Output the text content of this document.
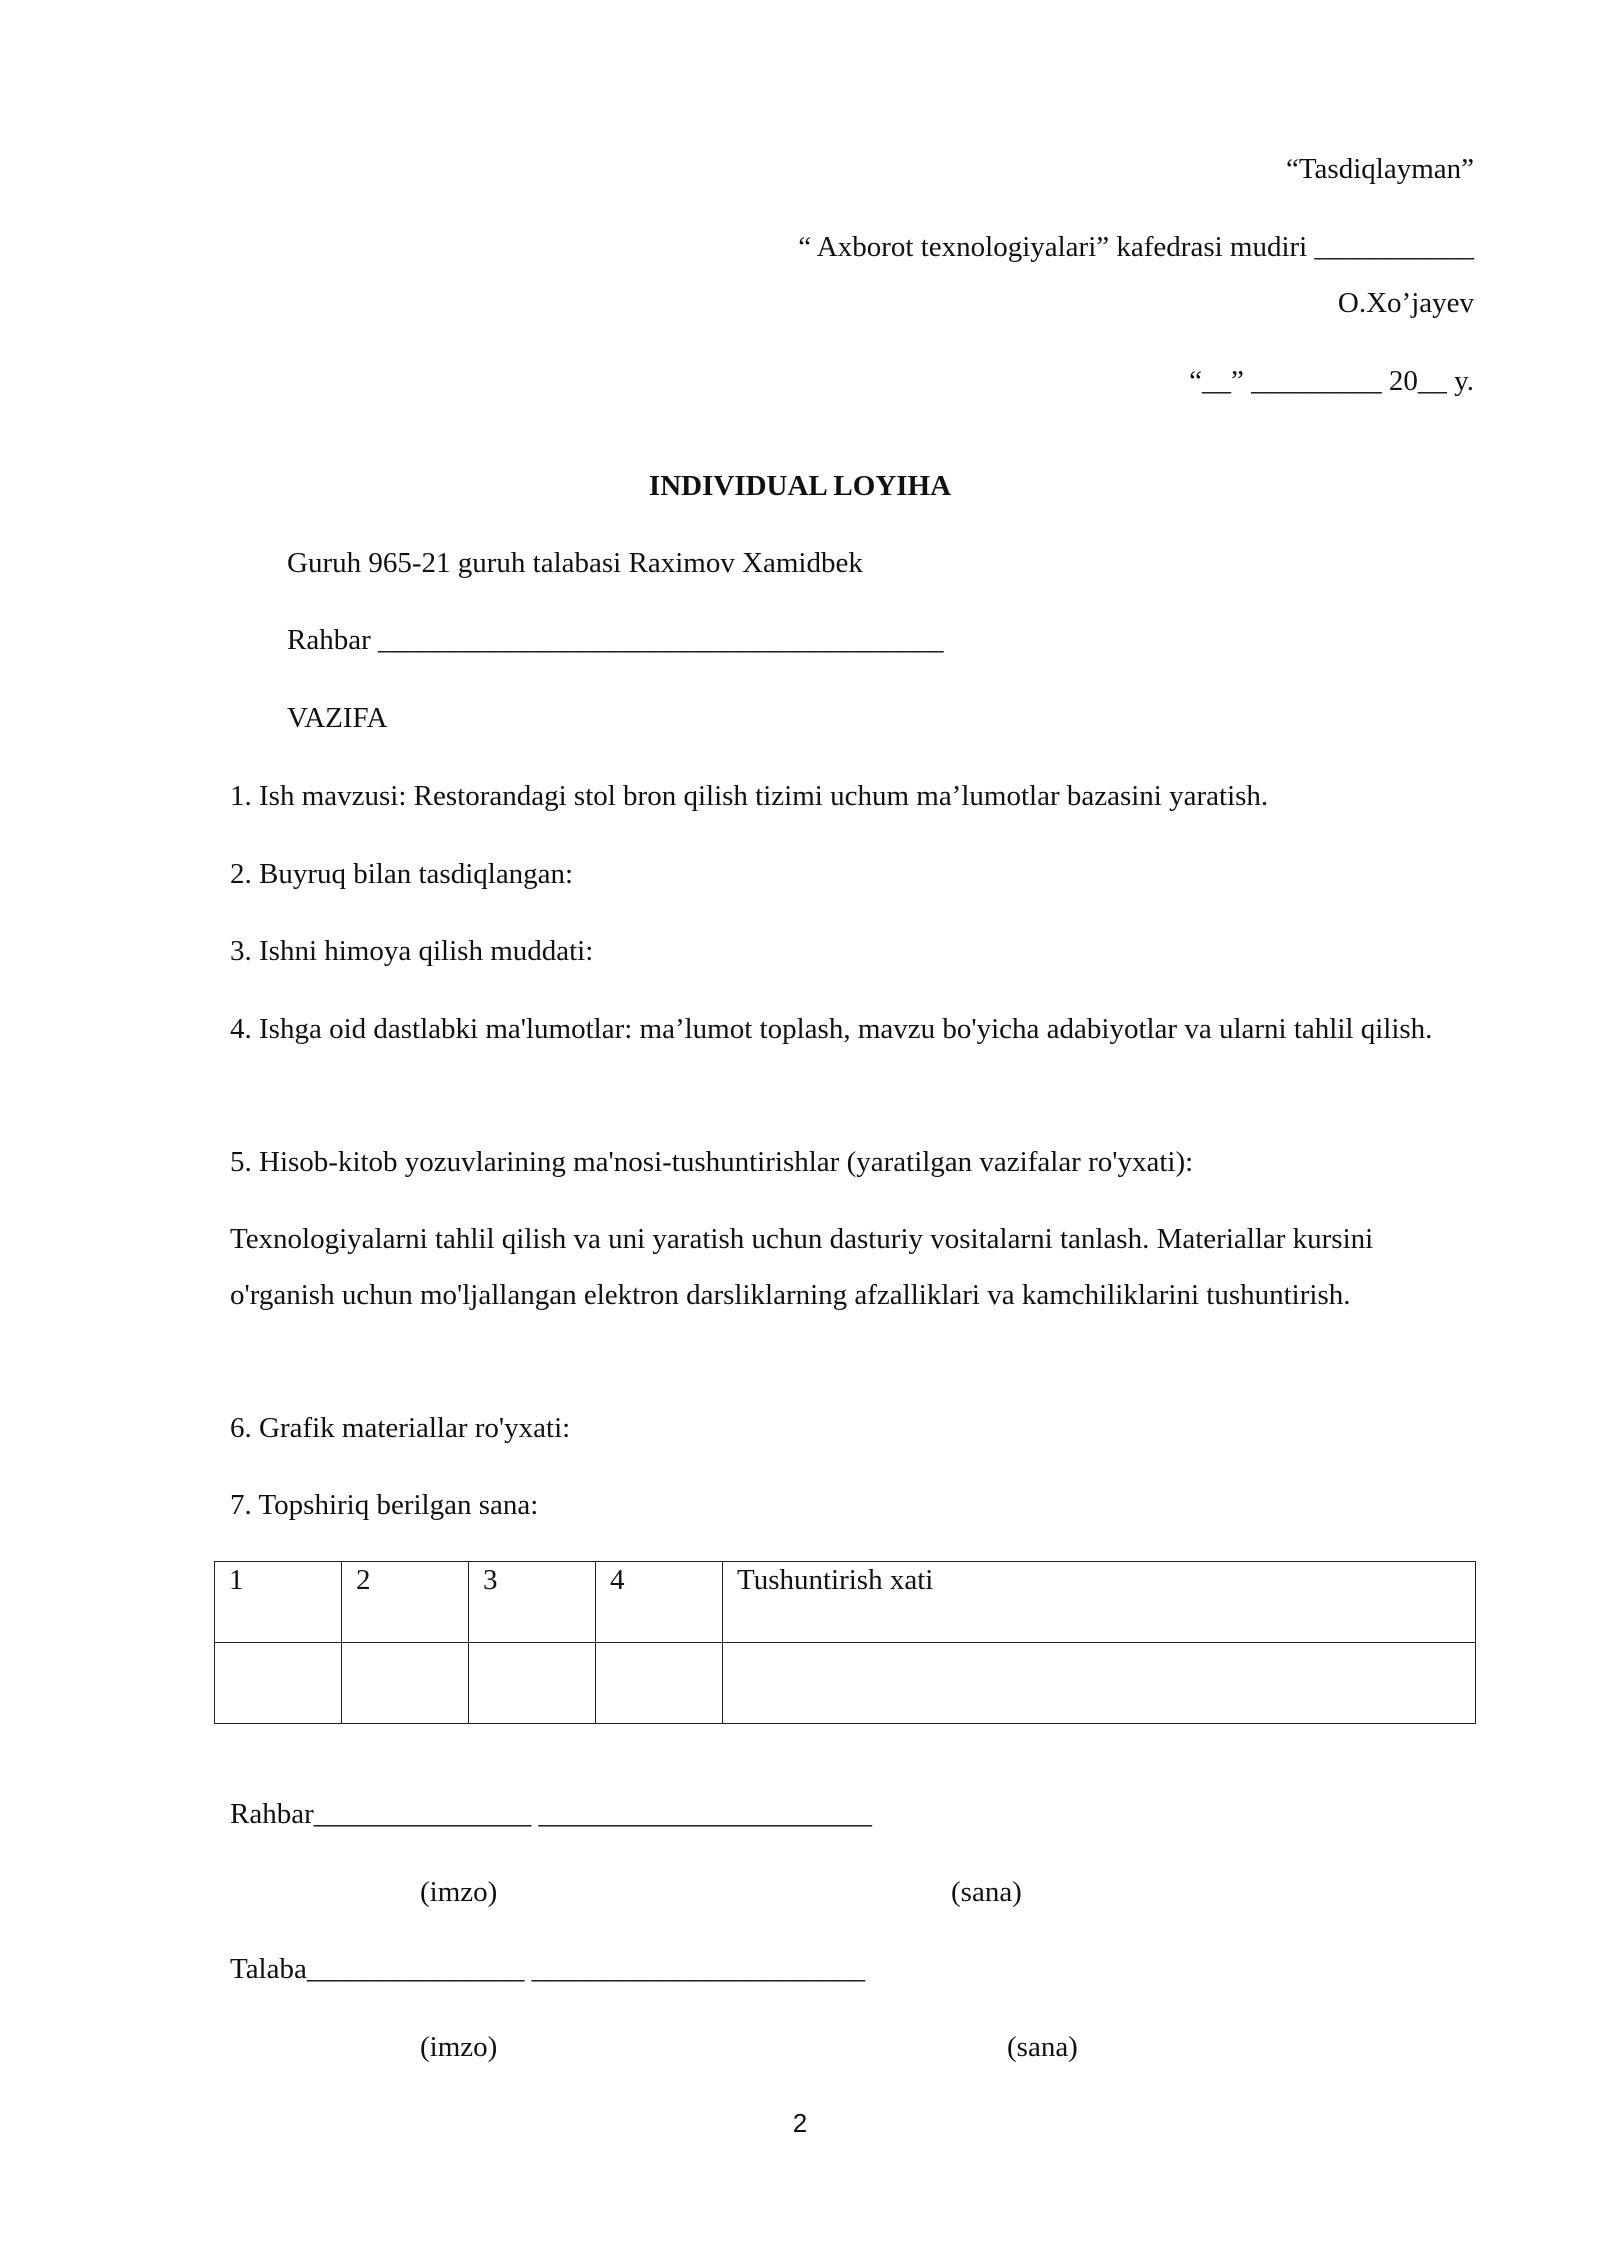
“Tasdiqlayman”
“ Axborot texnologiyalari” kafedrasi mudiri ___________
O.Xo’jayev
“__” _________ 20__ y.
INDIVIDUAL LOYIHA
Guruh 965-21 guruh talabasi Raximov Xamidbek
Rahbar _______________________________________
VAZIFA
1. Ish mavzusi: Restorandagi stol bron qilish tizimi uchum ma’lumotlar bazasini yaratish.
2. Buyruq bilan tasdiqlangan:
3. Ishni himoya qilish muddati:
4. Ishga oid dastlabki ma'lumotlar: ma’lumot toplash, mavzu bo'yicha adabiyotlar va ularni tahlil qilish.
5. Hisob-kitob yozuvlarining ma'nosi-tushuntirishlar (yaratilgan vazifalar ro'yxati):
Texnologiyalarni tahlil qilish va uni yaratish uchun dasturiy vositalarni tanlash. Materiallar kursini o'rganish uchun mo'ljallangan elektron darsliklarning afzalliklari va kamchiliklarini tushuntirish.
6. Grafik materiallar ro'yxati:
7. Topshiriq berilgan sana:
1	2	3	4	Tushuntirish xati

Rahbar_______________ _______________________
(imzo)	(sana)
Talaba_______________ _______________________
(imzo)	(sana)
2
